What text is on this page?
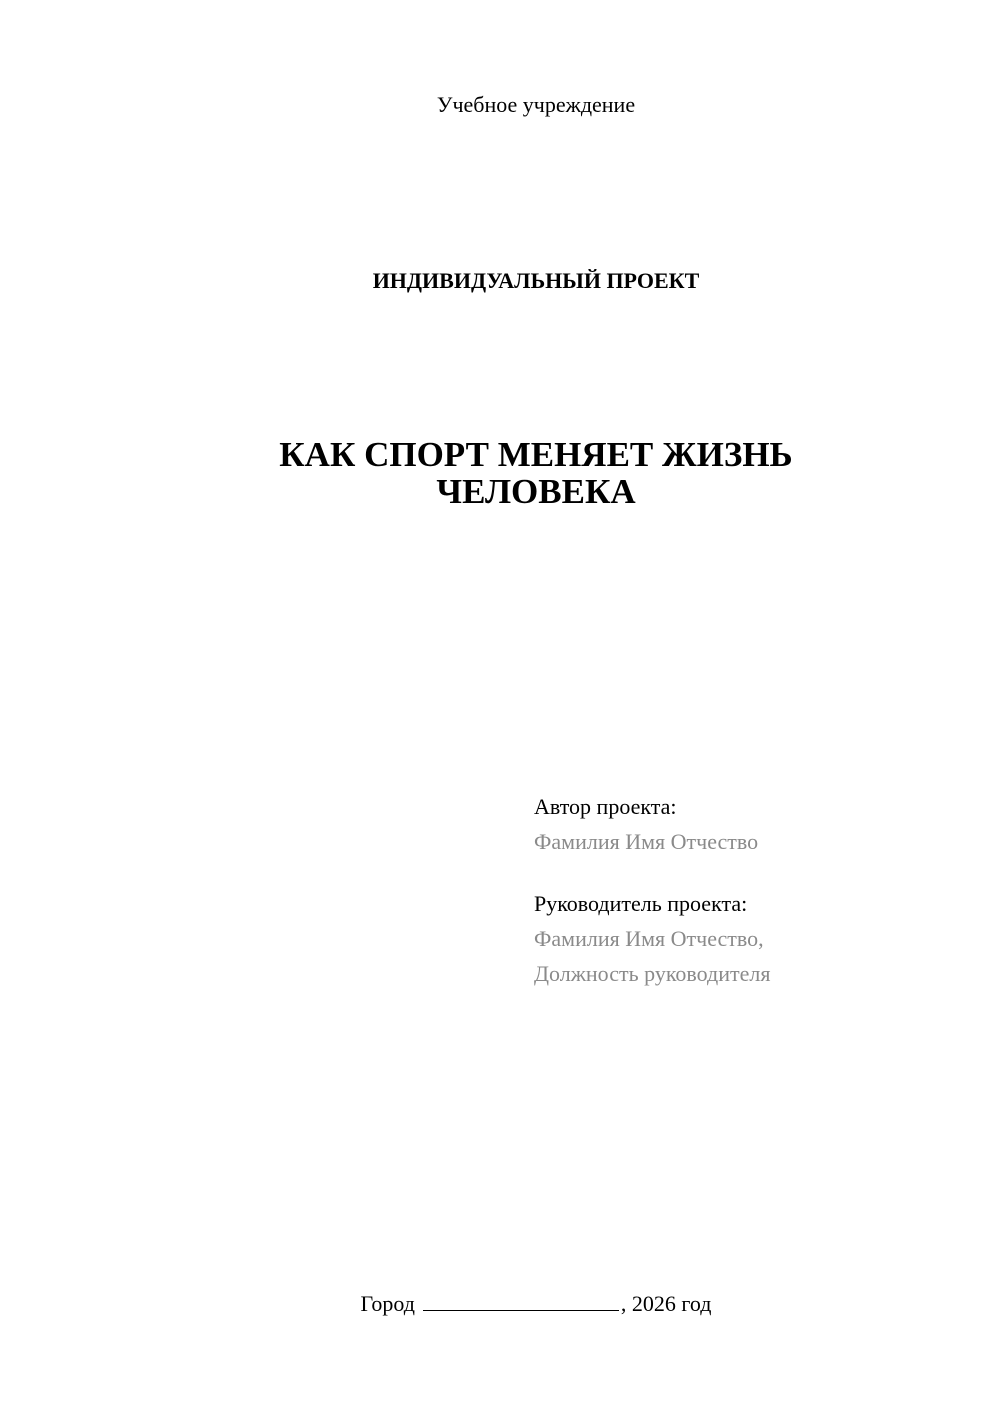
Учебное учреждение
ИНДИВИДУАЛЬНЫЙ ПРОЕКТ
КАК СПОРТ МЕНЯЕТ ЖИЗНЬ
ЧЕЛОВЕКА
Автор проекта:
Фамилия Имя Отчество
Руководитель проекта:
Фамилия Имя Отчество,
Должность руководителя
Город	, 2026 год
